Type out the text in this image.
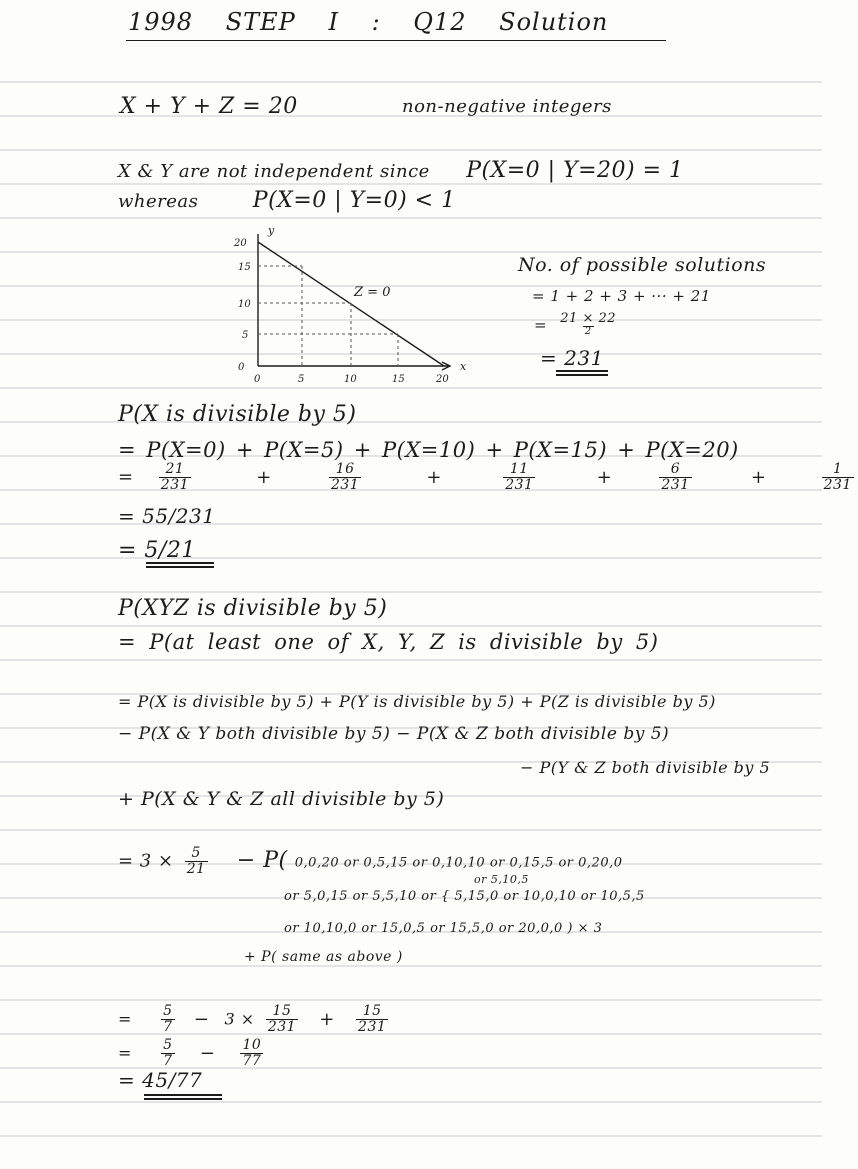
1998 STEP I : Q12 Solution
X + Y + Z = 20	non-negative integers
X & Y are not independent since P(X=0 | Y=20) = 1
whereas P(X=0 | Y=0) < 1
y
x
20
15
10
5
0
0	5	10	15	20
Z = 0
No. of possible solutions
= 1 + 2 + 3 + ··· + 21
= $\frac{21 \times 22}{2}$
= 231
P(X is divisible by 5)
= P(X=0) + P(X=5) + P(X=10) + P(X=15) + P(X=20)
= $\frac{21}{231}$	+	$\frac{16}{231}$	+	$\frac{11}{231}$	+	$\frac{6}{231}$	+	$\frac{1}{231}$
= 55/231
= 5/21
P(XYZ is divisible by 5)
= P(at least one of X, Y, Z is divisible by 5)
= P(X is divisible by 5) + P(Y is divisible by 5) + P(Z is divisible by 5)
− P(X & Y both divisible by 5) − P(X & Z both divisible by 5)
− P(Y & Z both divisible by 5
+ P(X & Y & Z all divisible by 5)
= $3 \times \frac{5}{21} - P$( 0,0,20 or 0,5,15 or 0,10,10 or 0,15,5 or 0,20,0
or 5,10,5
or 5,0,15 or 5,5,10 or { 5,15,0 or 10,0,10 or 10,5,5
or 10,10,0 or 15,0,5 or 15,5,0 or 20,0,0 ) × 3
+ P( same as above )
= $\frac{5}{7} - 3 \times \frac{15}{231} + \frac{15}{231}$
= $\frac{5}{7} - \frac{10}{77}$
= 45/77
